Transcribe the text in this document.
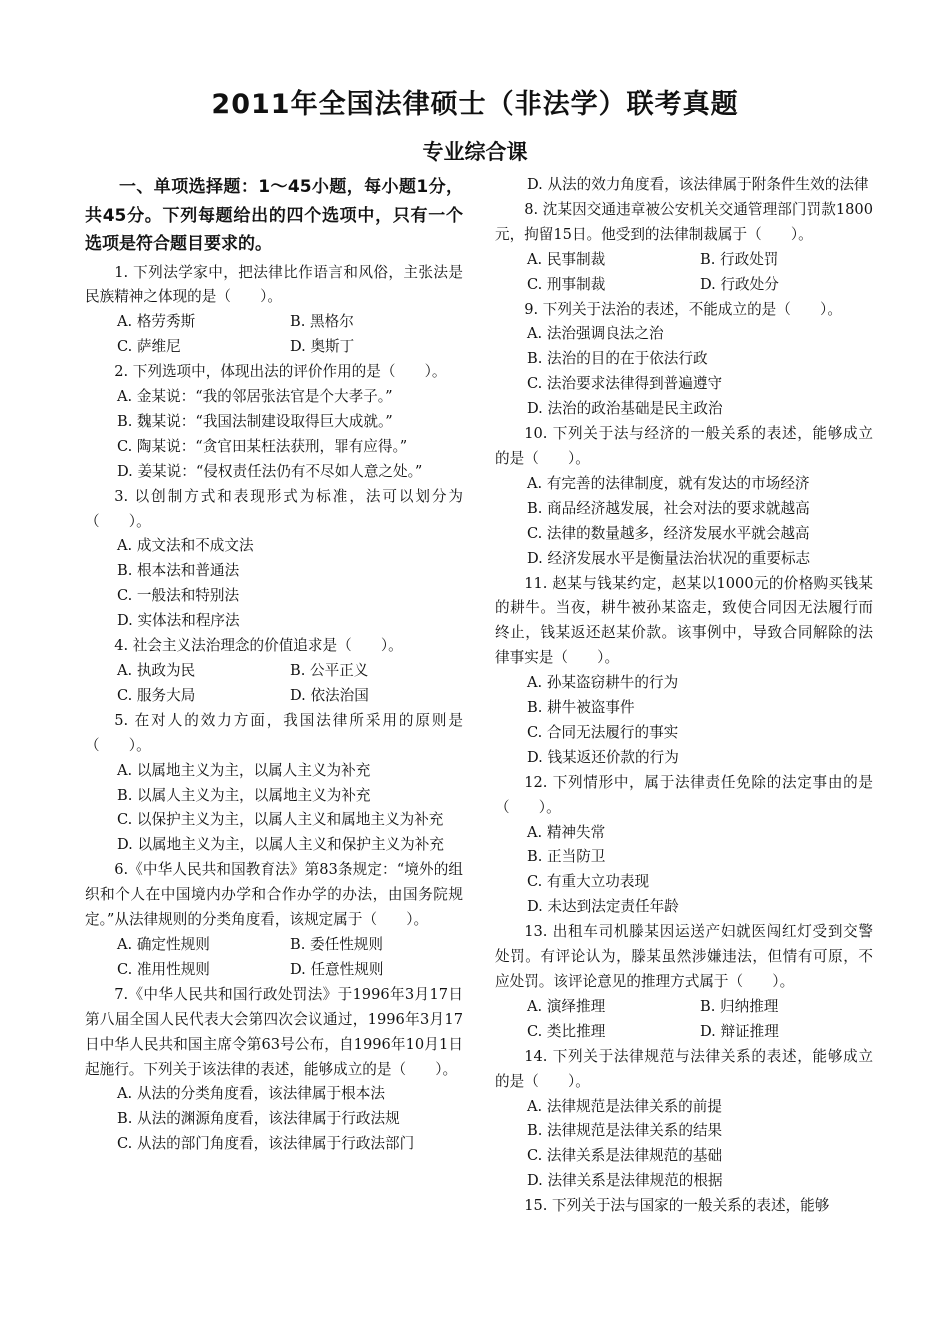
2011年全国法律硕士（非法学）联考真题
专业综合课
一、单项选择题：1～45小题，每小题1分，共45分。下列每题给出的四个选项中，只有一个选项是符合题目要求的。
1. 下列法学家中，把法律比作语言和风俗，主张法是民族精神之体现的是（　　）。
A. 格劳秀斯	B. 黑格尔
C. 萨维尼	D. 奥斯丁
2. 下列选项中，体现出法的评价作用的是（　　）。
A. 金某说：“我的邻居张法官是个大孝子。”
B. 魏某说：“我国法制建设取得巨大成就。”
C. 陶某说：“贪官田某枉法获刑，罪有应得。”
D. 姜某说：“侵权责任法仍有不尽如人意之处。”
3. 以创制方式和表现形式为标准，法可以划分为（　　）。
A. 成文法和不成文法
B. 根本法和普通法
C. 一般法和特别法
D. 实体法和程序法
4. 社会主义法治理念的价值追求是（　　）。
A. 执政为民	B. 公平正义
C. 服务大局	D. 依法治国
5. 在对人的效力方面，我国法律所采用的原则是（　　）。
A. 以属地主义为主，以属人主义为补充
B. 以属人主义为主，以属地主义为补充
C. 以保护主义为主，以属人主义和属地主义为补充
D. 以属地主义为主，以属人主义和保护主义为补充
6.《中华人民共和国教育法》第83条规定：“境外的组织和个人在中国境内办学和合作办学的办法，由国务院规定。”从法律规则的分类角度看，该规定属于（　　）。
A. 确定性规则	B. 委任性规则
C. 准用性规则	D. 任意性规则
7.《中华人民共和国行政处罚法》于1996年3月17日第八届全国人民代表大会第四次会议通过，1996年3月17日中华人民共和国主席令第63号公布，自1996年10月1日起施行。下列关于该法律的表述，能够成立的是（　　）。
A. 从法的分类角度看，该法律属于根本法
B. 从法的渊源角度看，该法律属于行政法规
C. 从法的部门角度看，该法律属于行政法部门
D. 从法的效力角度看，该法律属于附条件生效的法律
8. 沈某因交通违章被公安机关交通管理部门罚款1800元，拘留15日。他受到的法律制裁属于（　　）。
A. 民事制裁	B. 行政处罚
C. 刑事制裁	D. 行政处分
9. 下列关于法治的表述，不能成立的是（　　）。
A. 法治强调良法之治
B. 法治的目的在于依法行政
C. 法治要求法律得到普遍遵守
D. 法治的政治基础是民主政治
10. 下列关于法与经济的一般关系的表述，能够成立的是（　　）。
A. 有完善的法律制度，就有发达的市场经济
B. 商品经济越发展，社会对法的要求就越高
C. 法律的数量越多，经济发展水平就会越高
D. 经济发展水平是衡量法治状况的重要标志
11. 赵某与钱某约定，赵某以1000元的价格购买钱某的耕牛。当夜，耕牛被孙某盗走，致使合同因无法履行而终止，钱某返还赵某价款。该事例中，导致合同解除的法律事实是（　　）。
A. 孙某盗窃耕牛的行为
B. 耕牛被盗事件
C. 合同无法履行的事实
D. 钱某返还价款的行为
12. 下列情形中，属于法律责任免除的法定事由的是（　　）。
A. 精神失常
B. 正当防卫
C. 有重大立功表现
D. 未达到法定责任年龄
13. 出租车司机滕某因运送产妇就医闯红灯受到交警处罚。有评论认为，滕某虽然涉嫌违法，但情有可原，不应处罚。该评论意见的推理方式属于（　　）。
A. 演绎推理	B. 归纳推理
C. 类比推理	D. 辩证推理
14. 下列关于法律规范与法律关系的表述，能够成立的是（　　）。
A. 法律规范是法律关系的前提
B. 法律规范是法律关系的结果
C. 法律关系是法律规范的基础
D. 法律关系是法律规范的根据
15. 下列关于法与国家的一般关系的表述，能够
